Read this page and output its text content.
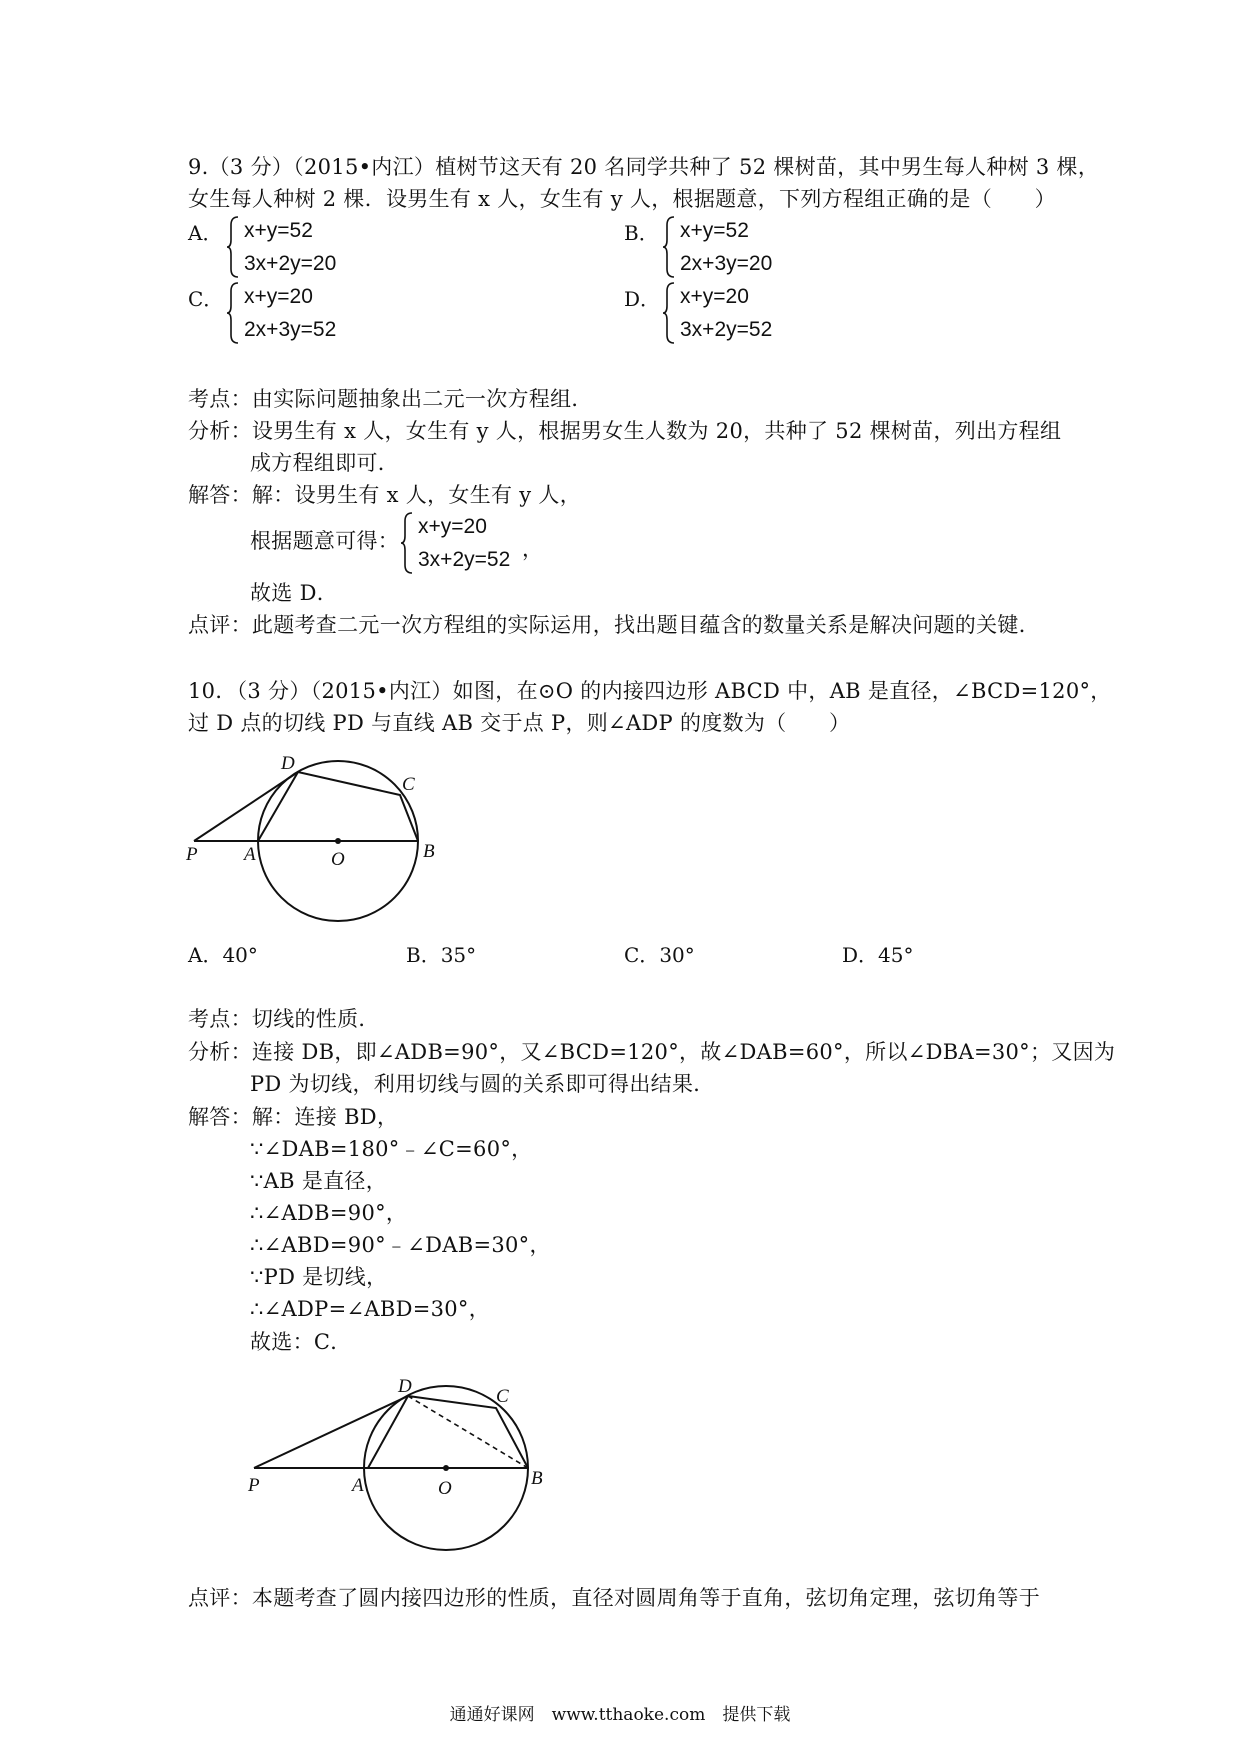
9.（3 分）（2015•内江）植树节这天有 20 名同学共种了 52 棵树苗，其中男生每人种树 3 棵，
女生每人种树 2 棵．设男生有 x 人，女生有 y 人，根据题意，下列方程组正确的是（　　）
A． x+y=52
3x+2y=20
B． x+y=52
2x+3y=20
C． x+y=20
2x+3y=52
D． x+y=20
3x+2y=52
考点：由实际问题抽象出二元一次方程组．
分析：设男生有 x 人，女生有 y 人，根据男女生人数为 20，共种了 52 棵树苗，列出方程组
成方程组即可．
解答：解：设男生有 x 人，女生有 y 人，
根据题意可得：
x+y=20
3x+2y=52 ，
故选 D．
点评：此题考查二元一次方程组的实际运用，找出题目蕴含的数量关系是解决问题的关键．
10．（3 分）（2015•内江）如图，在⊙O 的内接四边形 ABCD 中，AB 是直径，∠BCD=120°，
过 D 点的切线 PD 与直线 AB 交于点 P，则∠ADP 的度数为（　　）
P A	O	B
C
D
A．40°	B．35°	C．30°	D．45°
考点：切线的性质．
分析：连接 DB，即∠ADB=90°，又∠BCD=120°，故∠DAB=60°，所以∠DBA=30°；又因为
PD 为切线，利用切线与圆的关系即可得出结果．
解答：解：连接 BD，
∵∠DAB=180°﹣∠C=60°，
∵AB 是直径，
∴∠ADB=90°，
∴∠ABD=90°﹣∠DAB=30°，
∵PD 是切线，
∴∠ADP=∠ABD=30°，
故选：C．
P	A	O	B
C
D
点评：本题考查了圆内接四边形的性质，直径对圆周角等于直角，弦切角定理，弦切角等于
通通好课网　www.tthaoke.com　提供下载
